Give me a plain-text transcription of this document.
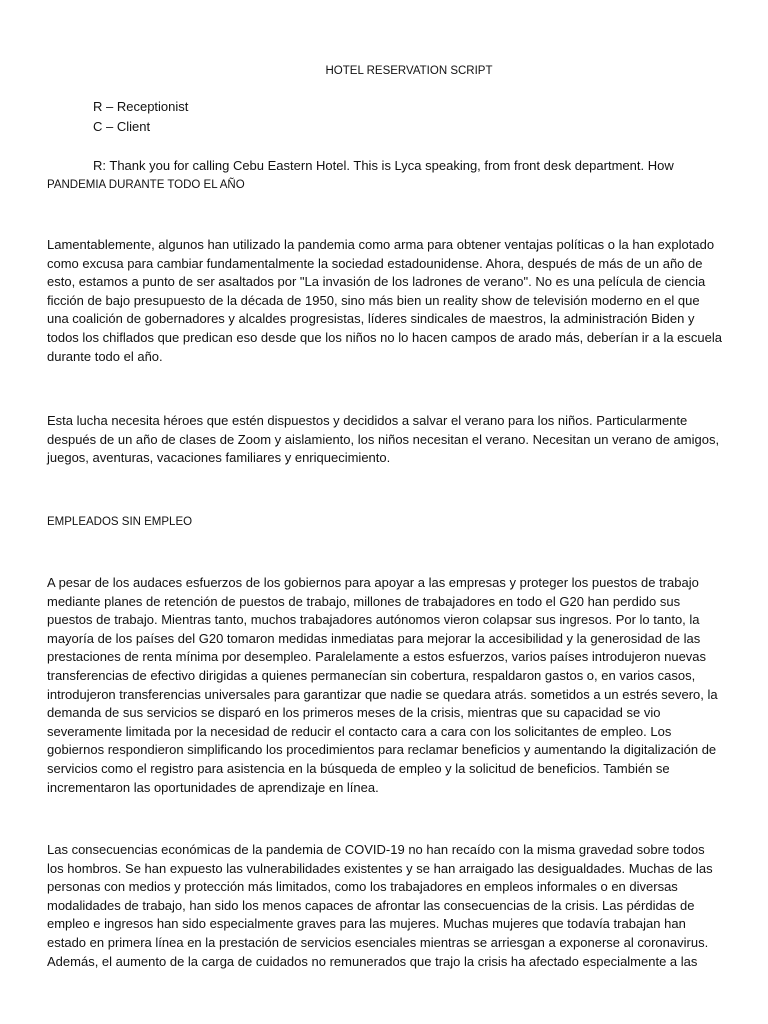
HOTEL RESERVATION SCRIPT
R – Receptionist
C – Client
R: Thank you for calling Cebu Eastern Hotel. This is Lyca speaking, from front desk department. How
PANDEMIA DURANTE TODO EL AÑO
Lamentablemente, algunos han utilizado la pandemia como arma para obtener ventajas políticas o la han explotado como excusa para cambiar fundamentalmente la sociedad estadounidense. Ahora, después de más de un año de esto, estamos a punto de ser asaltados por "La invasión de los ladrones de verano". No es una película de ciencia ficción de bajo presupuesto de la década de 1950, sino más bien un reality show de televisión moderno en el que una coalición de gobernadores y alcaldes progresistas, líderes sindicales de maestros, la administración Biden y todos los chiflados que predican eso desde que los niños no lo hacen campos de arado más, deberían ir a la escuela durante todo el año.
Esta lucha necesita héroes que estén dispuestos y decididos a salvar el verano para los niños. Particularmente después de un año de clases de Zoom y aislamiento, los niños necesitan el verano. Necesitan un verano de amigos, juegos, aventuras, vacaciones familiares y enriquecimiento.
EMPLEADOS SIN EMPLEO
A pesar de los audaces esfuerzos de los gobiernos para apoyar a las empresas y proteger los puestos de trabajo mediante planes de retención de puestos de trabajo, millones de trabajadores en todo el G20 han perdido sus puestos de trabajo. Mientras tanto, muchos trabajadores autónomos vieron colapsar sus ingresos. Por lo tanto, la mayoría de los países del G20 tomaron medidas inmediatas para mejorar la accesibilidad y la generosidad de las prestaciones de renta mínima por desempleo. Paralelamente a estos esfuerzos, varios países introdujeron nuevas transferencias de efectivo dirigidas a quienes permanecían sin cobertura, respaldaron gastos o, en varios casos, introdujeron transferencias universales para garantizar que nadie se quedara atrás. sometidos a un estrés severo, la demanda de sus servicios se disparó en los primeros meses de la crisis, mientras que su capacidad se vio severamente limitada por la necesidad de reducir el contacto cara a cara con los solicitantes de empleo. Los gobiernos respondieron simplificando los procedimientos para reclamar beneficios y aumentando la digitalización de servicios como el registro para asistencia en la búsqueda de empleo y la solicitud de beneficios. También se incrementaron las oportunidades de aprendizaje en línea.
Las consecuencias económicas de la pandemia de COVID-19 no han recaído con la misma gravedad sobre todos los hombros. Se han expuesto las vulnerabilidades existentes y se han arraigado las desigualdades. Muchas de las personas con medios y protección más limitados, como los trabajadores en empleos informales o en diversas modalidades de trabajo, han sido los menos capaces de afrontar las consecuencias de la crisis. Las pérdidas de empleo e ingresos han sido especialmente graves para las mujeres. Muchas mujeres que todavía trabajan han estado en primera línea en la prestación de servicios esenciales mientras se arriesgan a exponerse al coronavirus. Además, el aumento de la carga de cuidados no remunerados que trajo la crisis ha afectado especialmente a las
